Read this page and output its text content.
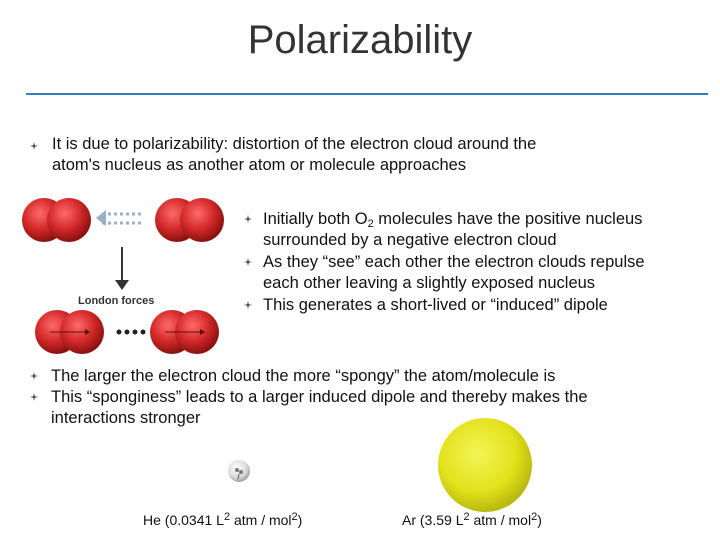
Polarizability
It is due to polarizability: distortion of the electron cloud around the
atom's nucleus as another atom or molecule approaches
London forces
Initially both $O_2$ molecules have the positive nucleus
surrounded by a negative electron cloud
As they “see” each other the electron clouds repulse
each other leaving a slightly exposed nucleus
This generates a short-lived or “induced” dipole
The larger the electron cloud the more “spongy” the atom/molecule is
This “sponginess” leads to a larger induced dipole and thereby makes the
interactions stronger
He (0.0341 $L^2$ atm / mol$^2$)	Ar (3.59 $L^2$ atm / mol$^2$)
